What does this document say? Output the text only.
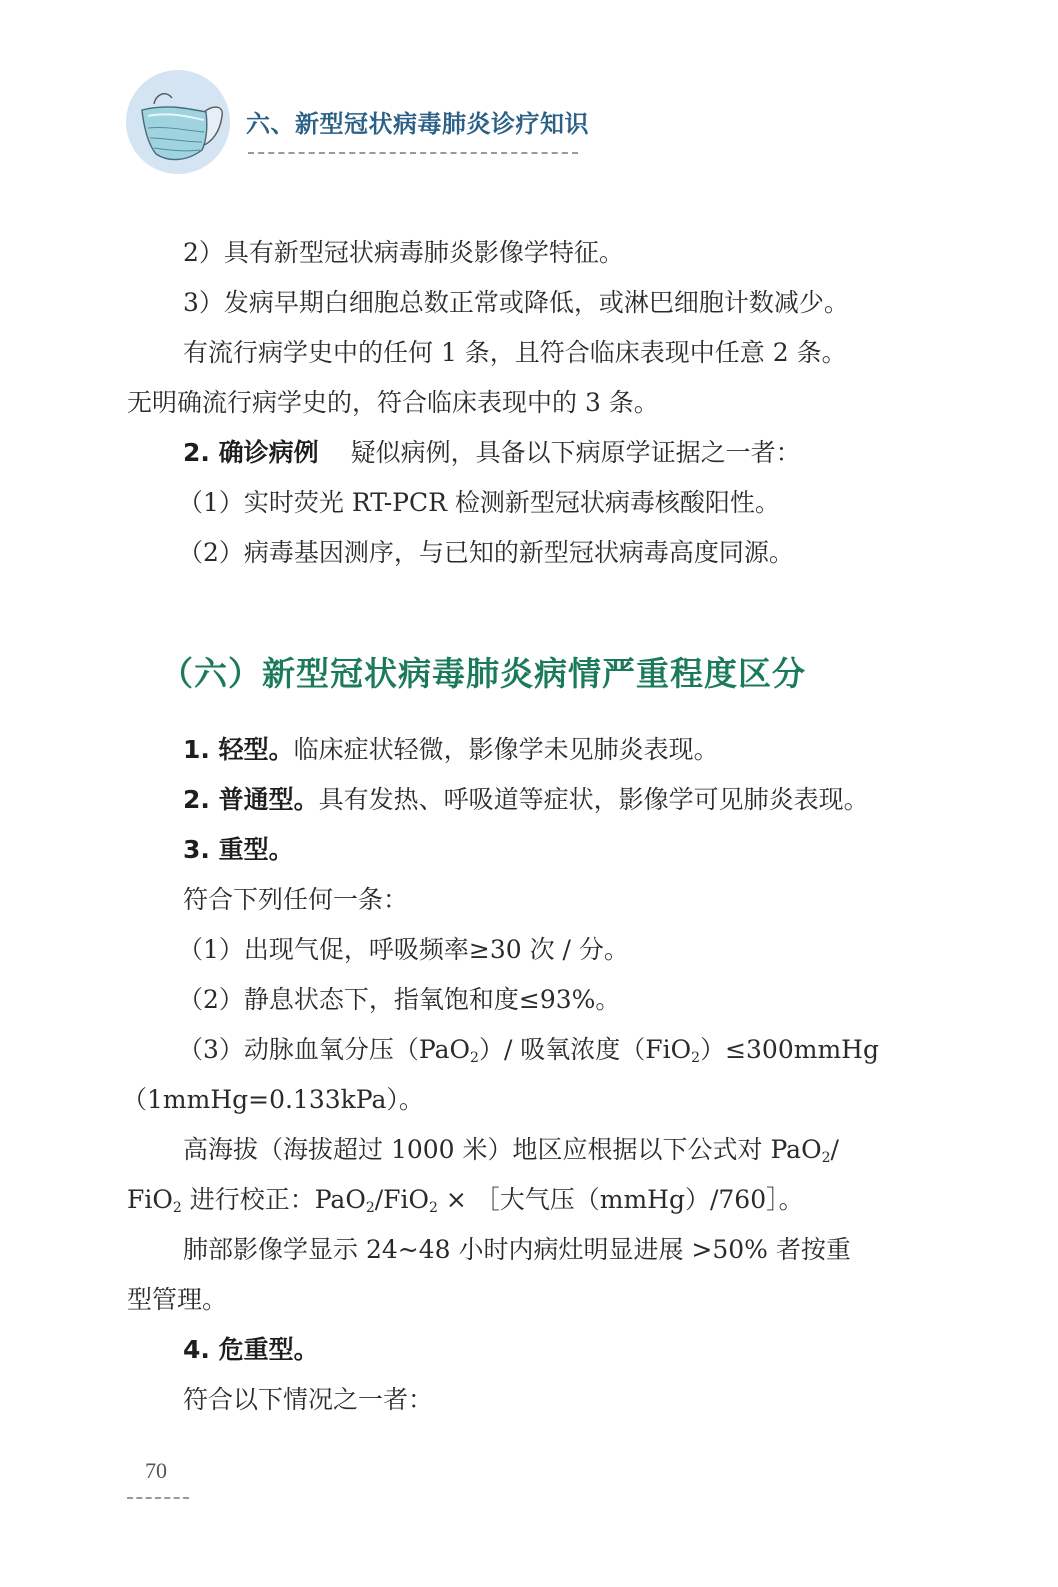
六、新型冠状病毒肺炎诊疗知识
2）具有新型冠状病毒肺炎影像学特征。
3）发病早期白细胞总数正常或降低，或淋巴细胞计数减少。
有流行病学史中的任何 1 条，且符合临床表现中任意 2 条。
无明确流行病学史的，符合临床表现中的 3 条。
2. 确诊病例 疑似病例，具备以下病原学证据之一者：
（1）实时荧光 RT-PCR 检测新型冠状病毒核酸阳性。
（2）病毒基因测序，与已知的新型冠状病毒高度同源。
（六）新型冠状病毒肺炎病情严重程度区分
1. 轻型。临床症状轻微，影像学未见肺炎表现。
2. 普通型。具有发热、呼吸道等症状，影像学可见肺炎表现。
3. 重型。
符合下列任何一条：
（1）出现气促，呼吸频率≥30 次 / 分。
（2）静息状态下，指氧饱和度≤93%。
（3）动脉血氧分压（PaO$_2$）/ 吸氧浓度（FiO$_2$）≤300mmHg
（1mmHg=0.133kPa）。
高海拔（海拔超过 1000 米）地区应根据以下公式对 PaO$_2$/
FiO$_2$ 进行校正：PaO$_2$/FiO$_2$ × ［大气压（mmHg）/760］。
肺部影像学显示 24~48 小时内病灶明显进展 >50% 者按重
型管理。
4. 危重型。
符合以下情况之一者：
70
